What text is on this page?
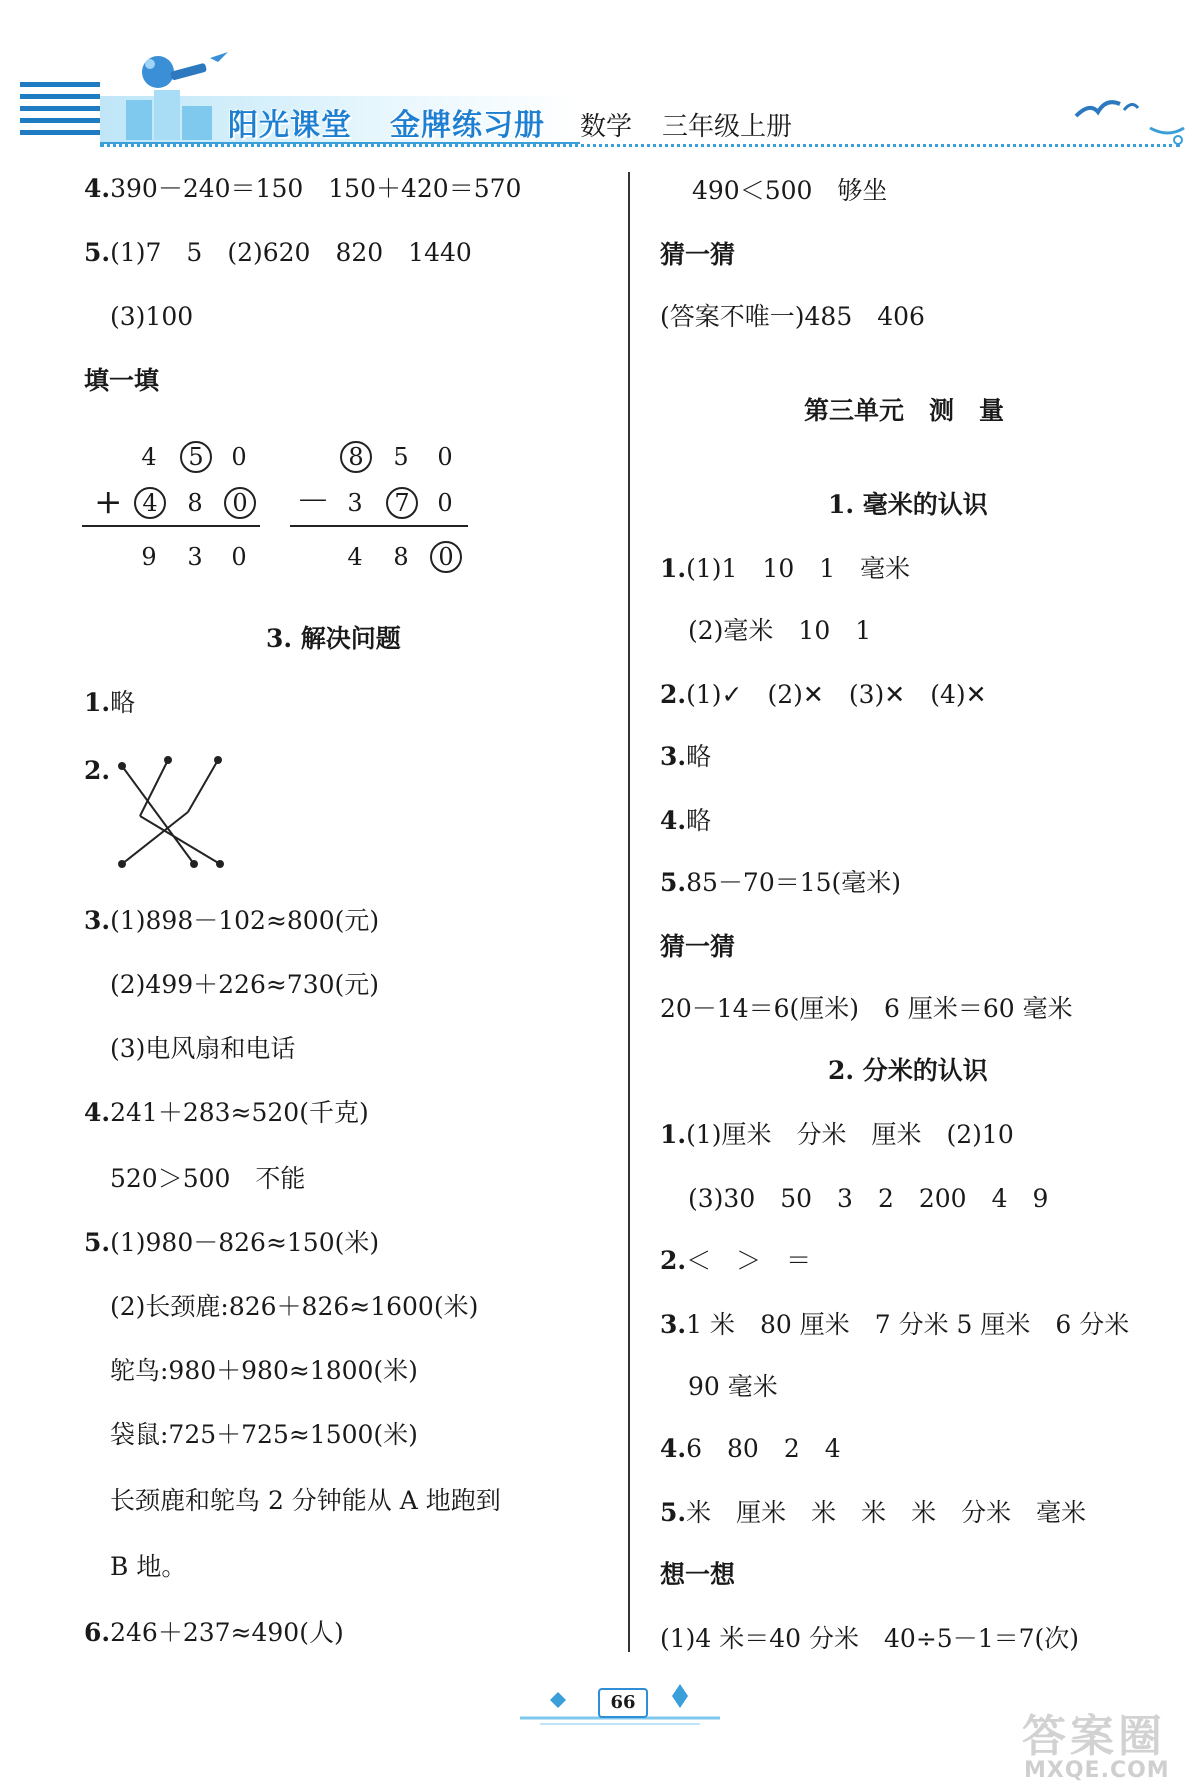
阳光课堂 金牌练习册	数学 三年级上册
4.390－240＝150　150＋420＝570
5.(1)7　5　(2)620　820　1440
(3)100
填一填
4	5	0
+ 4	8	0
9	3	0
8	5	0
－ 3	7	0
4	8	0
3. 解决问题
1.略
2.
3.(1)898－102≈800(元)
(2)499＋226≈730(元)
(3)电风扇和电话
4.241＋283≈520(千克)
520＞500　不能
5.(1)980－826≈150(米)
(2)长颈鹿:826＋826≈1600(米)
鸵鸟:980＋980≈1800(米)
袋鼠:725＋725≈1500(米)
长颈鹿和鸵鸟 2 分钟能从 A 地跑到
B 地。
6.246＋237≈490(人)
490＜500　够坐
猜一猜
(答案不唯一)485　406
第三单元　测　量
1. 毫米的认识
1.(1)1　10　1　毫米
(2)毫米　10　1
2.(1)✓　(2)✕　(3)✕　(4)✕
3.略
4.略
5.85－70＝15(毫米)
猜一猜
20－14＝6(厘米)　6 厘米＝60 毫米
2. 分米的认识
1.(1)厘米　分米　厘米　(2)10
(3)30　50　3　2　200　4　9
2.＜　＞　＝
3.1 米　80 厘米　7 分米 5 厘米　6 分米
90 毫米
4.6　80　2　4
5.米　厘米　米　米　米　分米　毫米
想一想
(1)4 米＝40 分米　40÷5－1＝7(次)
66
答案圈
MXQE.COM
